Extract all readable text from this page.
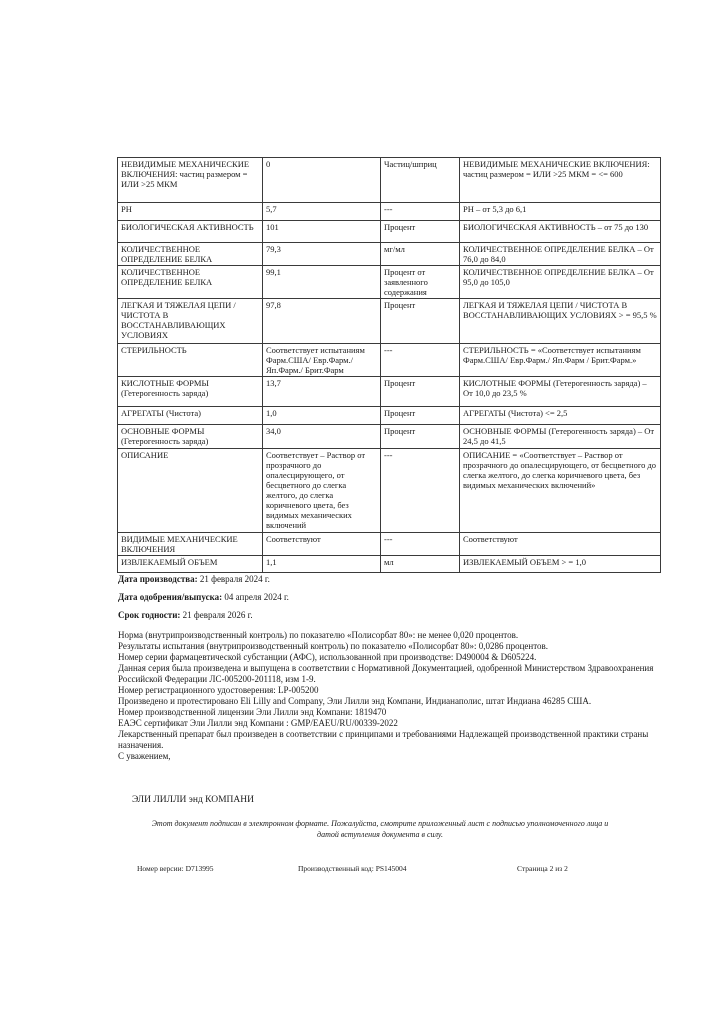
НЕВИДИМЫЕ МЕХАНИЧЕСКИЕ ВКЛЮЧЕНИЯ: частиц размером = ИЛИ >25 МКМ	0	Частиц/шприц	НЕВИДИМЫЕ МЕХАНИЧЕСКИЕ ВКЛЮЧЕНИЯ: частиц размером = ИЛИ >25 МКМ = <= 600
PH	5,7	---	PH – от 5,3 до 6,1
БИОЛОГИЧЕСКАЯ АКТИВНОСТЬ	101	Процент	БИОЛОГИЧЕСКАЯ АКТИВНОСТЬ – от 75 до 130
КОЛИЧЕСТВЕННОЕ ОПРЕДЕЛЕНИЕ БЕЛКА	79,3	мг/мл	КОЛИЧЕСТВЕННОЕ ОПРЕДЕЛЕНИЕ БЕЛКА – От 76,0 до 84,0
КОЛИЧЕСТВЕННОЕ ОПРЕДЕЛЕНИЕ БЕЛКА	99,1	Процент от заявленного содержания	КОЛИЧЕСТВЕННОЕ ОПРЕДЕЛЕНИЕ БЕЛКА – От 95,0 до 105,0
ЛЕГКАЯ И ТЯЖЕЛАЯ ЦЕПИ / ЧИСТОТА В ВОССТАНАВЛИВАЮЩИХ УСЛОВИЯХ	97,8	Процент	ЛЕГКАЯ И ТЯЖЕЛАЯ ЦЕПИ / ЧИСТОТА В ВОССТАНАВЛИВАЮЩИХ УСЛОВИЯХ > = 95,5 %
СТЕРИЛЬНОСТЬ	Соответствует испытаниям Фарм.США/ Евр.Фарм./ Яп.Фарм./ Брит.Фарм	---	СТЕРИЛЬНОСТЬ = «Соответствует испытаниям Фарм.США/ Евр.Фарм./ Яп.Фарм / Брит.Фарм.»
КИСЛОТНЫЕ ФОРМЫ (Гетерогенность заряда)	13,7	Процент	КИСЛОТНЫЕ ФОРМЫ (Гетерогенность заряда) – От 10,0 до 23,5 %
АГРЕГАТЫ (Чистота)	1,0	Процент	АГРЕГАТЫ (Чистота) <= 2,5
ОСНОВНЫЕ ФОРМЫ (Гетерогенность заряда)	34,0	Процент	ОСНОВНЫЕ ФОРМЫ (Гетерогенность заряда) – От 24,5 до 41,5
ОПИСАНИЕ	Соответствует – Раствор от прозрачного до опалесцирующего, от бесцветного до слегка желтого, до слегка коричневого цвета, без видимых механических включений	---	ОПИСАНИЕ = «Соответствует – Раствор от прозрачного до опалесцирующего, от бесцветного до слегка желтого, до слегка коричневого цвета, без видимых механических включений»
ВИДИМЫЕ МЕХАНИЧЕСКИЕ ВКЛЮЧЕНИЯ	Соответствуют	---	Соответствуют
ИЗВЛЕКАЕМЫЙ ОБЪЕМ	1,1	мл	ИЗВЛЕКАЕМЫЙ ОБЪЕМ > = 1,0
Дата производства: 21 февраля 2024 г.
Дата одобрения/выпуска: 04 апреля 2024 г.
Срок годности: 21 февраля 2026 г.

Норма (внутрипроизводственный контроль) по показателю «Полисорбат 80»: не менее 0,020 процентов.

Результаты испытания (внутрипроизводственный контроль) по показателю «Полисорбат 80»: 0,0286 процентов.

Номер серии фармацевтической субстанции (АФС), использованной при производстве: D490004 & D605224.

Данная серия была произведена и выпущена в соответствии с Нормативной Документацией, одобренной Министерством Здравоохранения Российской Федерации ЛС-005200-201118, изм 1-9.

Номер регистрационного удостоверения: LP-005200

Произведено и протестировано Eli Lilly and Company, Эли Лилли энд Компани, Индианаполис, штат Индиана 46285 США.

Номер производственной лицензии Эли Лилли энд Компани: 1819470

ЕАЭС сертификат Эли Лилли энд Компани : GMP/EAEU/RU/00339-2022

Лекарственный препарат был произведен в соответствии с принципами и требованиями Надлежащей производственной практики страны назначения.

С уважением,

ЭЛИ ЛИЛЛИ энд КОМПАНИ
Этот документ подписан в электронном формате. Пожалуйста, смотрите приложенный лист с подписью уполномоченного лица и датой вступления документа в силу.
Номер версии: D713995	Производственный код: PS145004	Страница 2 из 2
